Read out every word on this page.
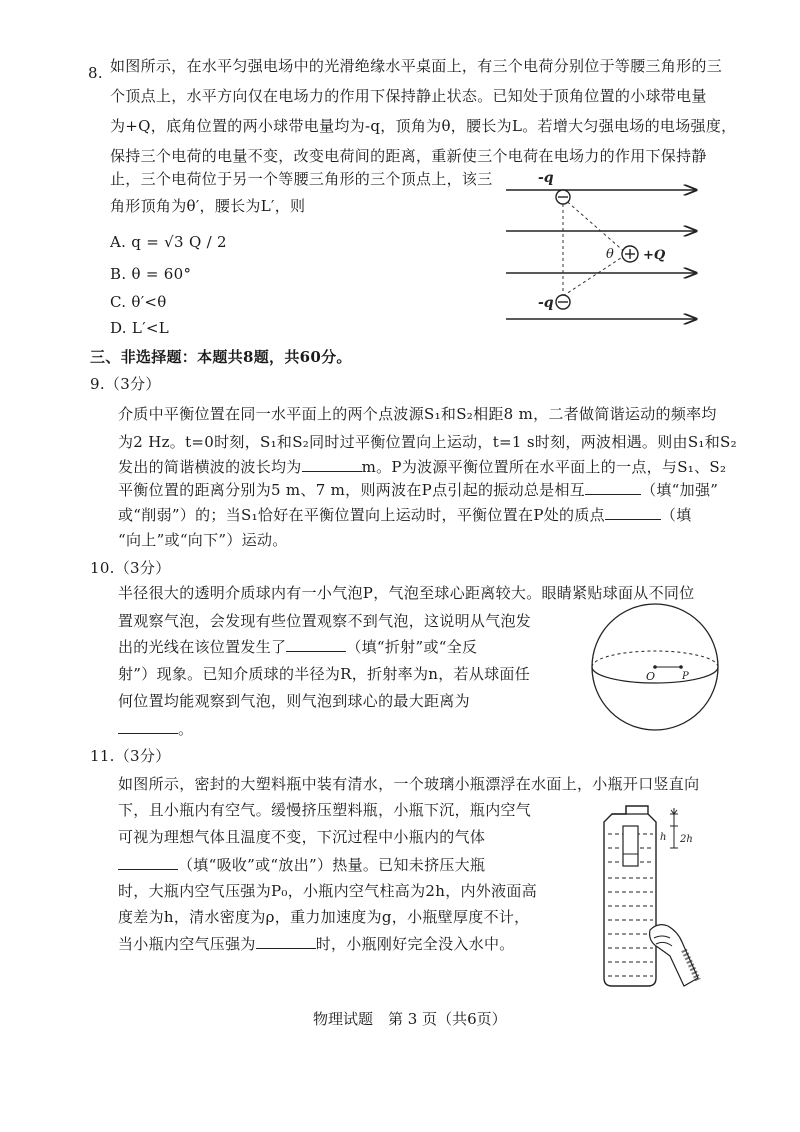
8. 如图所示，在水平匀强电场中的光滑绝缘水平桌面上，有三个电荷分别位于等腰三角形的三
个顶点上，水平方向仅在电场力的作用下保持静止状态。已知处于顶角位置的小球带电量
为+Q，底角位置的两小球带电量均为-q，顶角为θ，腰长为L。若增大匀强电场的电场强度，
保持三个电荷的电量不变，改变电荷间的距离，重新使三个电荷在电场力的作用下保持静
止，三个电荷位于另一个等腰三角形的三个顶点上，该三
角形顶角为θ′，腰长为L′，则
A. q = √3 Q / 2
B. θ = 60°
C. θ′<θ
D. L′<L
-q
-q
+Q
θ
三、非选择题：本题共8题，共60分。
9.（3分）
介质中平衡位置在同一水平面上的两个点波源S₁和S₂相距8 m，二者做简谐运动的频率均
为2 Hz。t=0时刻，S₁和S₂同时过平衡位置向上运动，t=1 s时刻，两波相遇。则由S₁和S₂
发出的简谐横波的波长均为	m。P为波源平衡位置所在水平面上的一点，与S₁、S₂
平衡位置的距离分别为5 m、7 m，则两波在P点引起的振动总是相互	（填“加强”
或“削弱”）的；当S₁恰好在平衡位置向上运动时，平衡位置在P处的质点	（填
“向上”或“向下”）运动。
10.（3分）
半径很大的透明介质球内有一小气泡P，气泡至球心距离较大。眼睛紧贴球面从不同位
置观察气泡，会发现有些位置观察不到气泡，这说明从气泡发
出的光线在该位置发生了	（填“折射”或“全反
射”）现象。已知介质球的半径为R，折射率为n，若从球面任
何位置均能观察到气泡，则气泡到球心的最大距离为
。
O	P
11.（3分）
如图所示，密封的大塑料瓶中装有清水，一个玻璃小瓶漂浮在水面上，小瓶开口竖直向
下，且小瓶内有空气。缓慢挤压塑料瓶，小瓶下沉，瓶内空气
可视为理想气体且温度不变，下沉过程中小瓶内的气体
（填“吸收”或“放出”）热量。已知未挤压大瓶
时，大瓶内空气压强为P₀，小瓶内空气柱高为2h，内外液面高
度差为h，清水密度为ρ，重力加速度为g，小瓶壁厚度不计，
当小瓶内空气压强为	时，小瓶刚好完全没入水中。
2h
h
物理试题　第 3 页（共6页）
